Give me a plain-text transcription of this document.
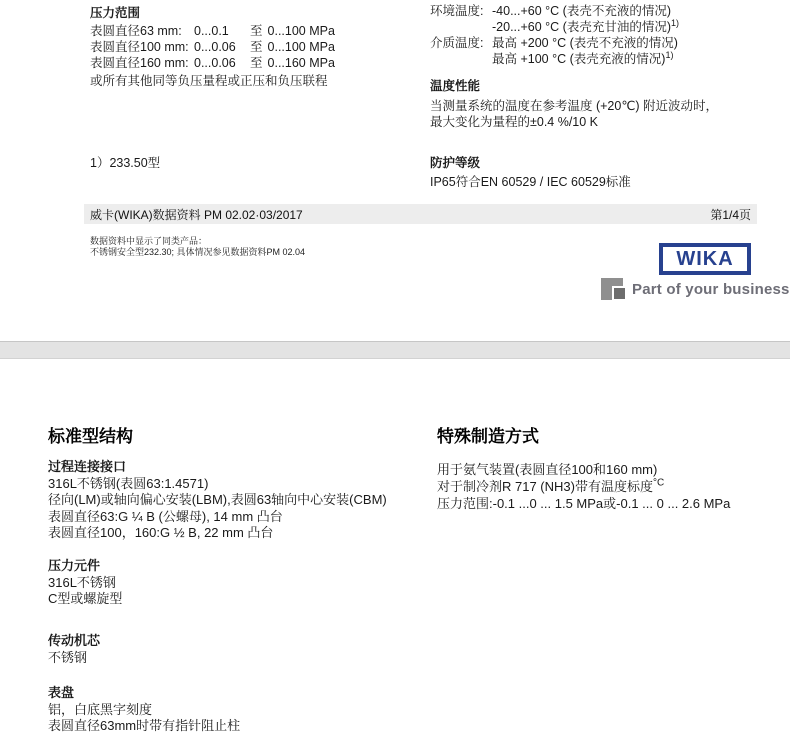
压力范围
表圆直径63 mm: 0...0.1	至 0...100 MPa
表圆直径100 mm: 0...0.06	至 0...100 MPa
表圆直径160 mm: 0...0.06	至 0...160 MPa
或所有其他同等负压量程或正压和负压联程
1）233.50型
环境温度: -40...+60 °C (表壳不充液的情况)
-20...+60 °C (表壳充甘油的情况)$^{1)}$
介质温度: 最高 +200 °C (表壳不充液的情况)
最高 +100 °C (表壳充液的情况)$^{1)}$
温度性能
当测量系统的温度在参考温度 (+20℃) 附近波动时，
最大变化为量程的±0.4 %/10 K
防护等级
IP65符合EN 60529 / IEC 60529标准
威卡(WIKA)数据资料 PM 02.02·03/2017	第1/4页
数据资料中显示了同类产品：
不锈钢安全型232.30; 具体情况参见数据资料PM 02.04	WIKA
Part of your business
标准型结构
过程连接接口
316L不锈钢(表圆63:1.4571)
径向(LM)或轴向偏心安装(LBM),表圆63轴向中心安装(CBM)
表圆直径63:G ¼ B (公螺母), 14 mm 凸台
表圆直径100，160:G ½ B, 22 mm 凸台
压力元件
316L不锈钢
C型或螺旋型
传动机芯
不锈钢
表盘
铝，白底黑字刻度
表圆直径63mm时带有指针阻止柱
特殊制造方式
用于氨气装置(表圆直径100和160 mm)
对于制冷剂R 717 (NH3)带有温度标度$^{^\circ C}$
压力范围:-0.1 ...0 ... 1.5 MPa或-0.1 ... 0 ... 2.6 MPa
